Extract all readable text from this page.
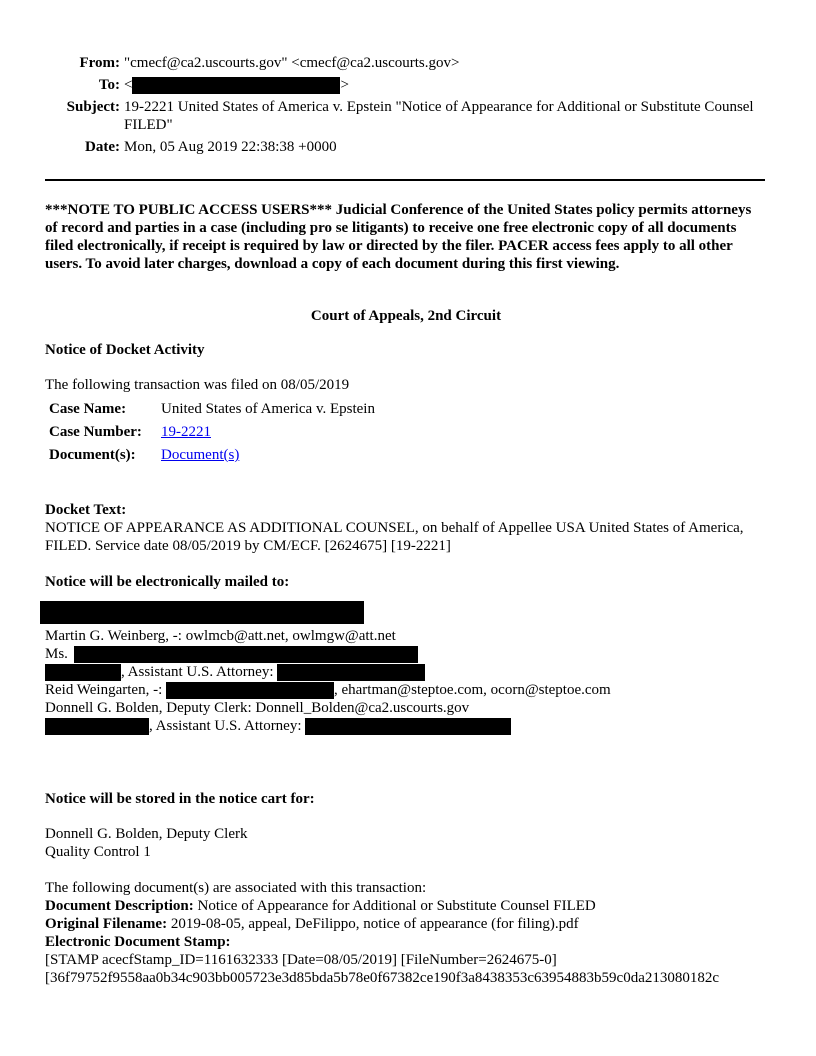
From: "cmecf@ca2.uscourts.gov" <cmecf@ca2.uscourts.gov>
To: <	>
Subject: 19-2221 United States of America v. Epstein "Notice of Appearance for Additional or Substitute Counsel FILED"
Date: Mon, 05 Aug 2019 22:38:38 +0000
***NOTE TO PUBLIC ACCESS USERS*** Judicial Conference of the United States policy permits attorneys of record and parties in a case (including pro se litigants) to receive one free electronic copy of all documents filed electronically, if receipt is required by law or directed by the filer. PACER access fees apply to all other users. To avoid later charges, download a copy of each document during this first viewing.
Court of Appeals, 2nd Circuit
Notice of Docket Activity
The following transaction was filed on 08/05/2019
Case Name:	United States of America v. Epstein
Case Number:	19-2221
Document(s):	Document(s)
Docket Text:
NOTICE OF APPEARANCE AS ADDITIONAL COUNSEL, on behalf of Appellee USA United States of America, FILED. Service date 08/05/2019 by CM/ECF. [2624675] [19-2221]
Notice will be electronically mailed to:
Martin G. Weinberg, -: owlmcb@att.net, owlmgw@att.net
Ms.
, Assistant U.S. Attorney:
Reid Weingarten, -:	, ehartman@steptoe.com, ocorn@steptoe.com
Donnell G. Bolden, Deputy Clerk: Donnell_Bolden@ca2.uscourts.gov
, Assistant U.S. Attorney:
Notice will be stored in the notice cart for:
Donnell G. Bolden, Deputy Clerk
Quality Control 1
The following document(s) are associated with this transaction:
Document Description: Notice of Appearance for Additional or Substitute Counsel FILED
Original Filename: 2019-08-05, appeal, DeFilippo, notice of appearance (for filing).pdf
Electronic Document Stamp:
[STAMP acecfStamp_ID=1161632333 [Date=08/05/2019] [FileNumber=2624675-0]
[36f79752f9558aa0b34c903bb005723e3d85bda5b78e0f67382ce190f3a8438353c63954883b59c0da213080182c
